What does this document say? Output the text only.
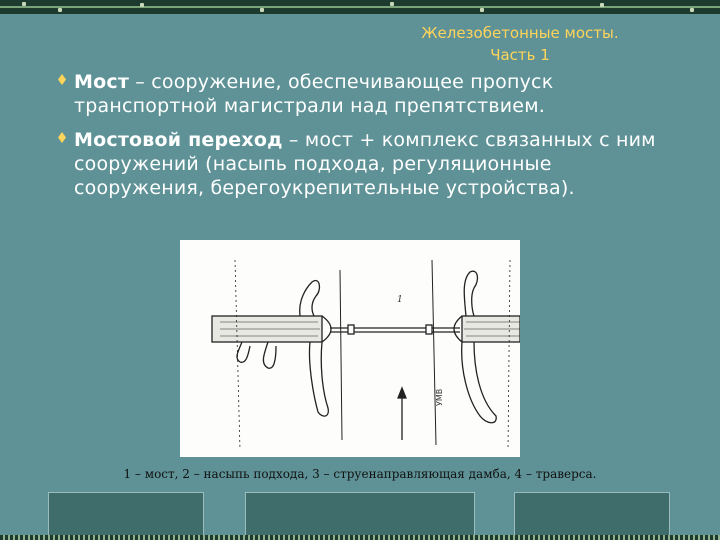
Железобетонные мосты.
Часть 1
Мост – сооружение, обеспечивающее пропуск транспортной магистрали над препятствием.
Мостовой переход – мост + комплекс связанных с ним сооружений (насыпь подхода, регуляционные сооружения, берегоукрепительные устройства).
1
УМВ
1 – мост, 2 – насыпь подхода, 3 – струенаправляющая дамба, 4 – траверса.
